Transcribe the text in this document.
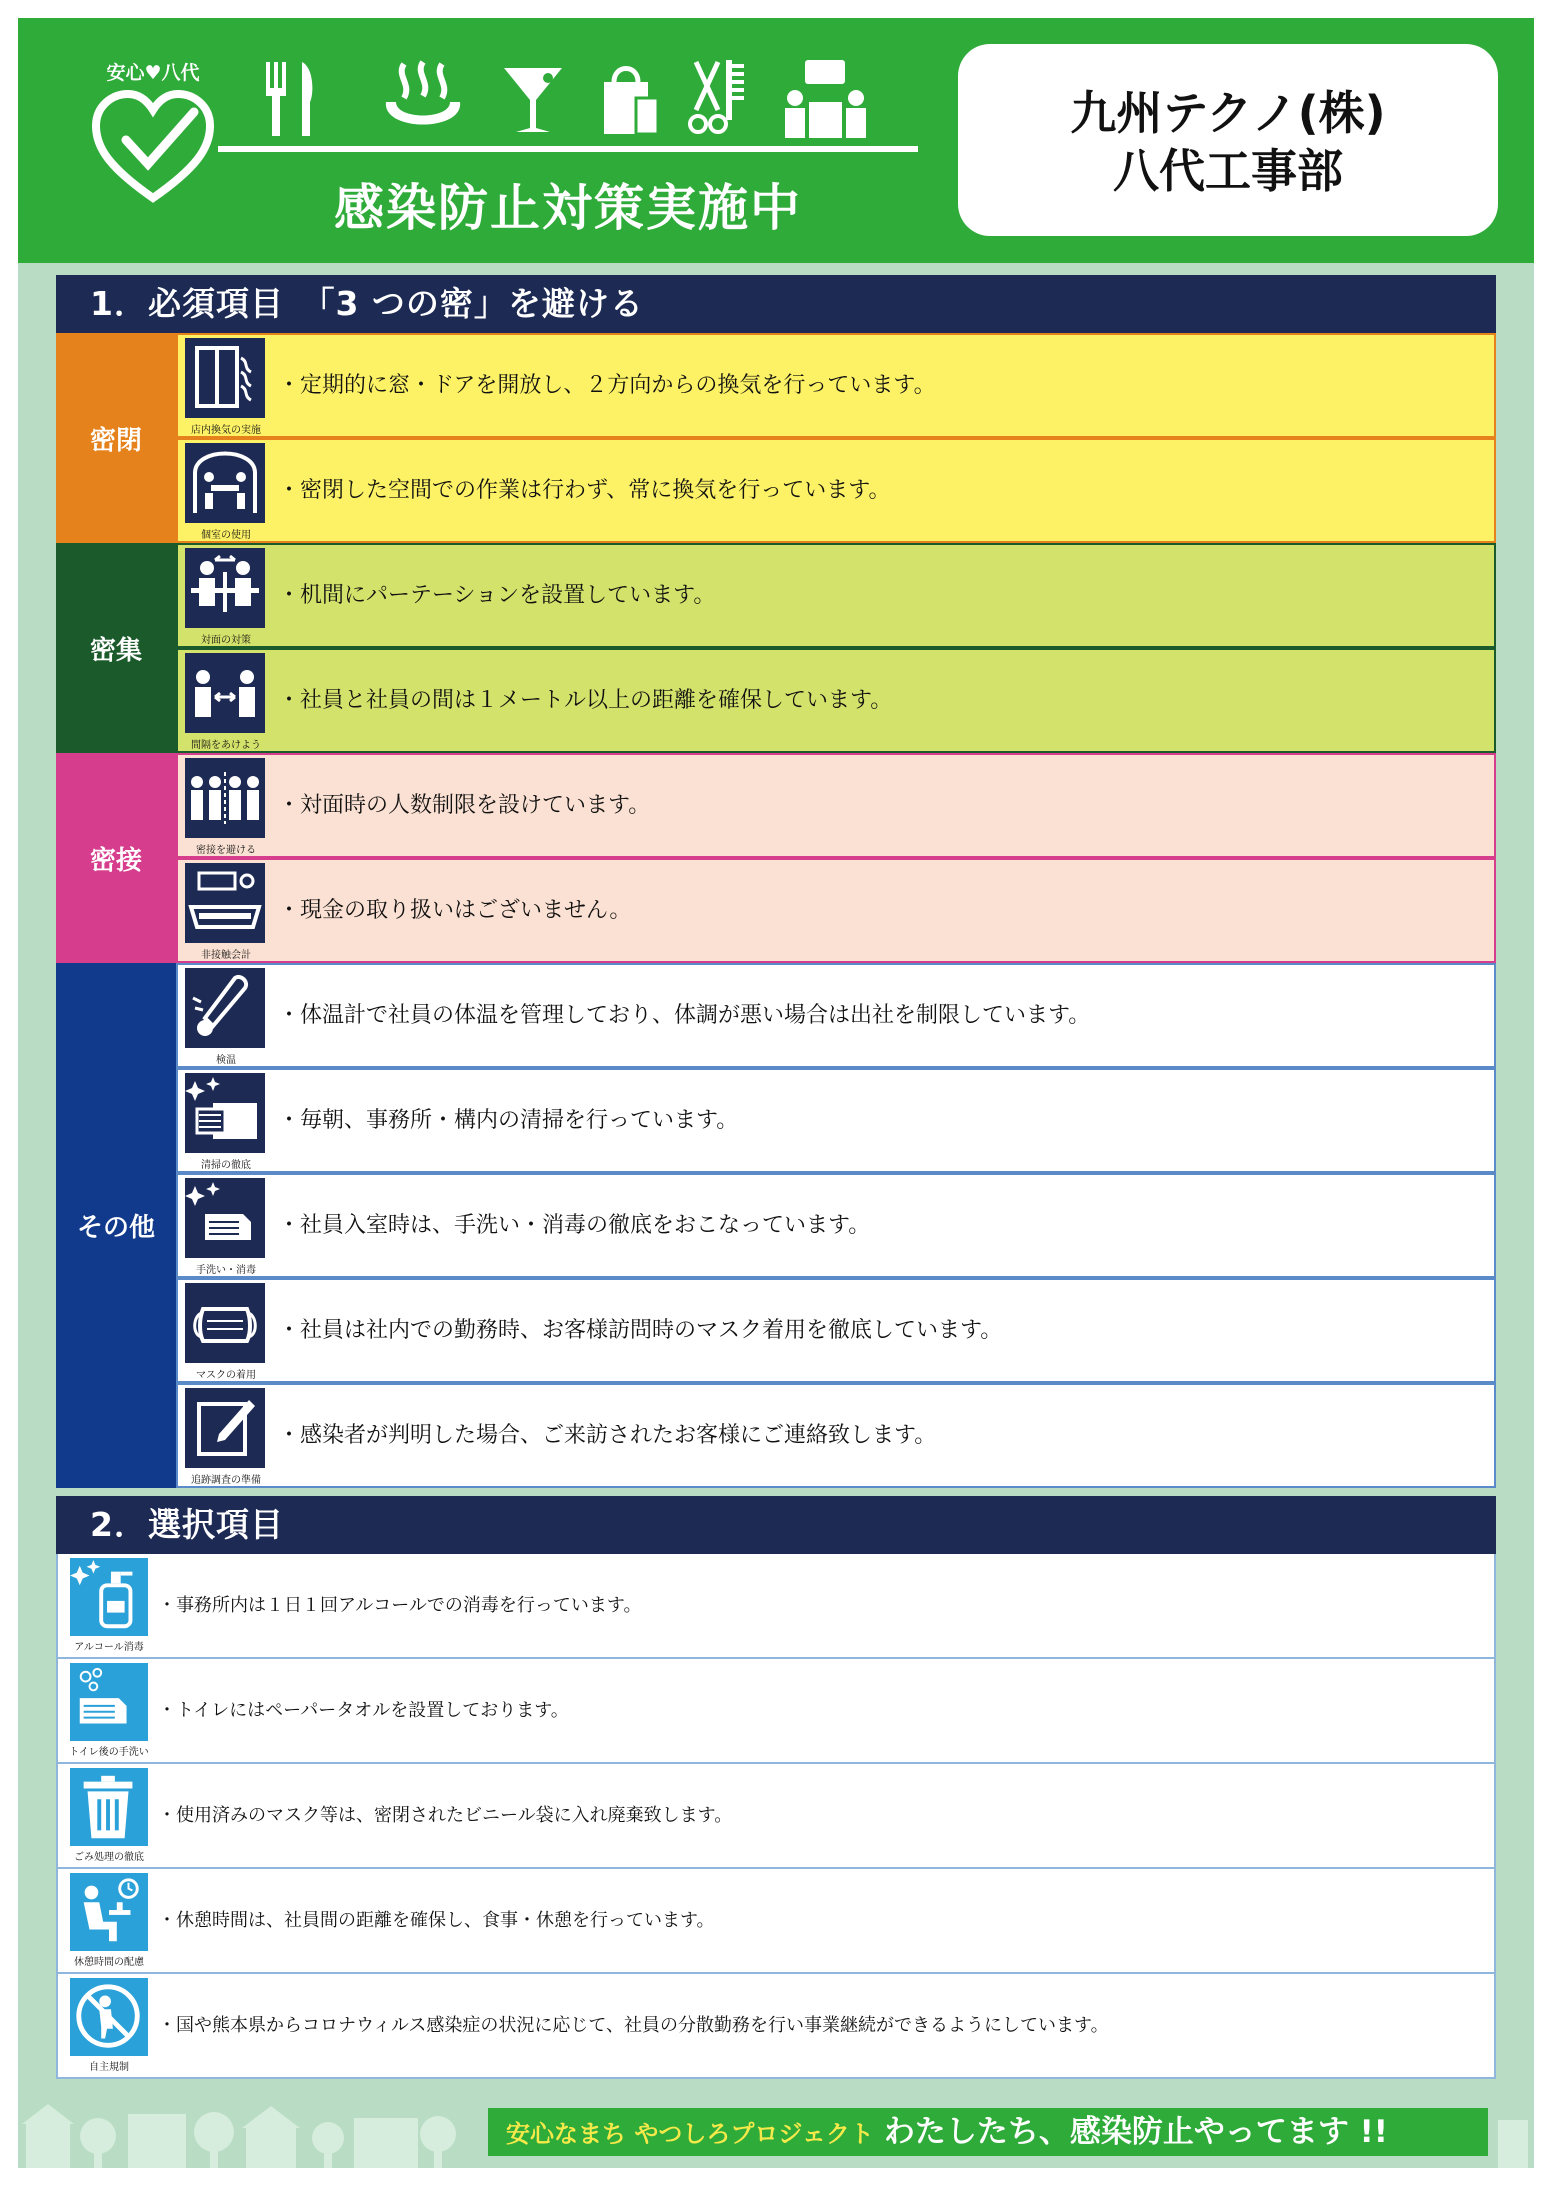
安心♥八代
感染防止対策実施中
九州テクノ(株)
八代工事部
1．必須項目　「3 つの密」を避ける
密閉	店内換気の実施
・定期的に窓・ドアを開放し、２方向からの換気を行っています。
個室の使用
・密閉した空間での作業は行わず、常に換気を行っています。
密集	対面の対策
・机間にパーテーションを設置しています。
間隔をあけよう
・社員と社員の間は１メートル以上の距離を確保しています。
密接	密接を避ける
・対面時の人数制限を設けています。
非接触会計
・現金の取り扱いはございません。
その他
検温
・体温計で社員の体温を管理しており、体調が悪い場合は出社を制限しています。
清掃の徹底
・毎朝、事務所・構内の清掃を行っています。
手洗い・消毒
・社員入室時は、手洗い・消毒の徹底をおこなっています。
マスクの着用
・社員は社内での勤務時、お客様訪問時のマスク着用を徹底しています。
追跡調査の準備
・感染者が判明した場合、ご来訪されたお客様にご連絡致します。
2．選択項目
アルコール消毒
・事務所内は１日１回アルコールでの消毒を行っています。
トイレ後の手洗い
・トイレにはペーパータオルを設置しております。
ごみ処理の徹底
・使用済みのマスク等は、密閉されたビニール袋に入れ廃棄致します。
休憩時間の配慮
・休憩時間は、社員間の距離を確保し、食事・休憩を行っています。
自主規制
・国や熊本県からコロナウィルス感染症の状況に応じて、社員の分散勤務を行い事業継続ができるようにしています。
安心なまち やつしろプロジェクト わたしたち、感染防止やってます !!
